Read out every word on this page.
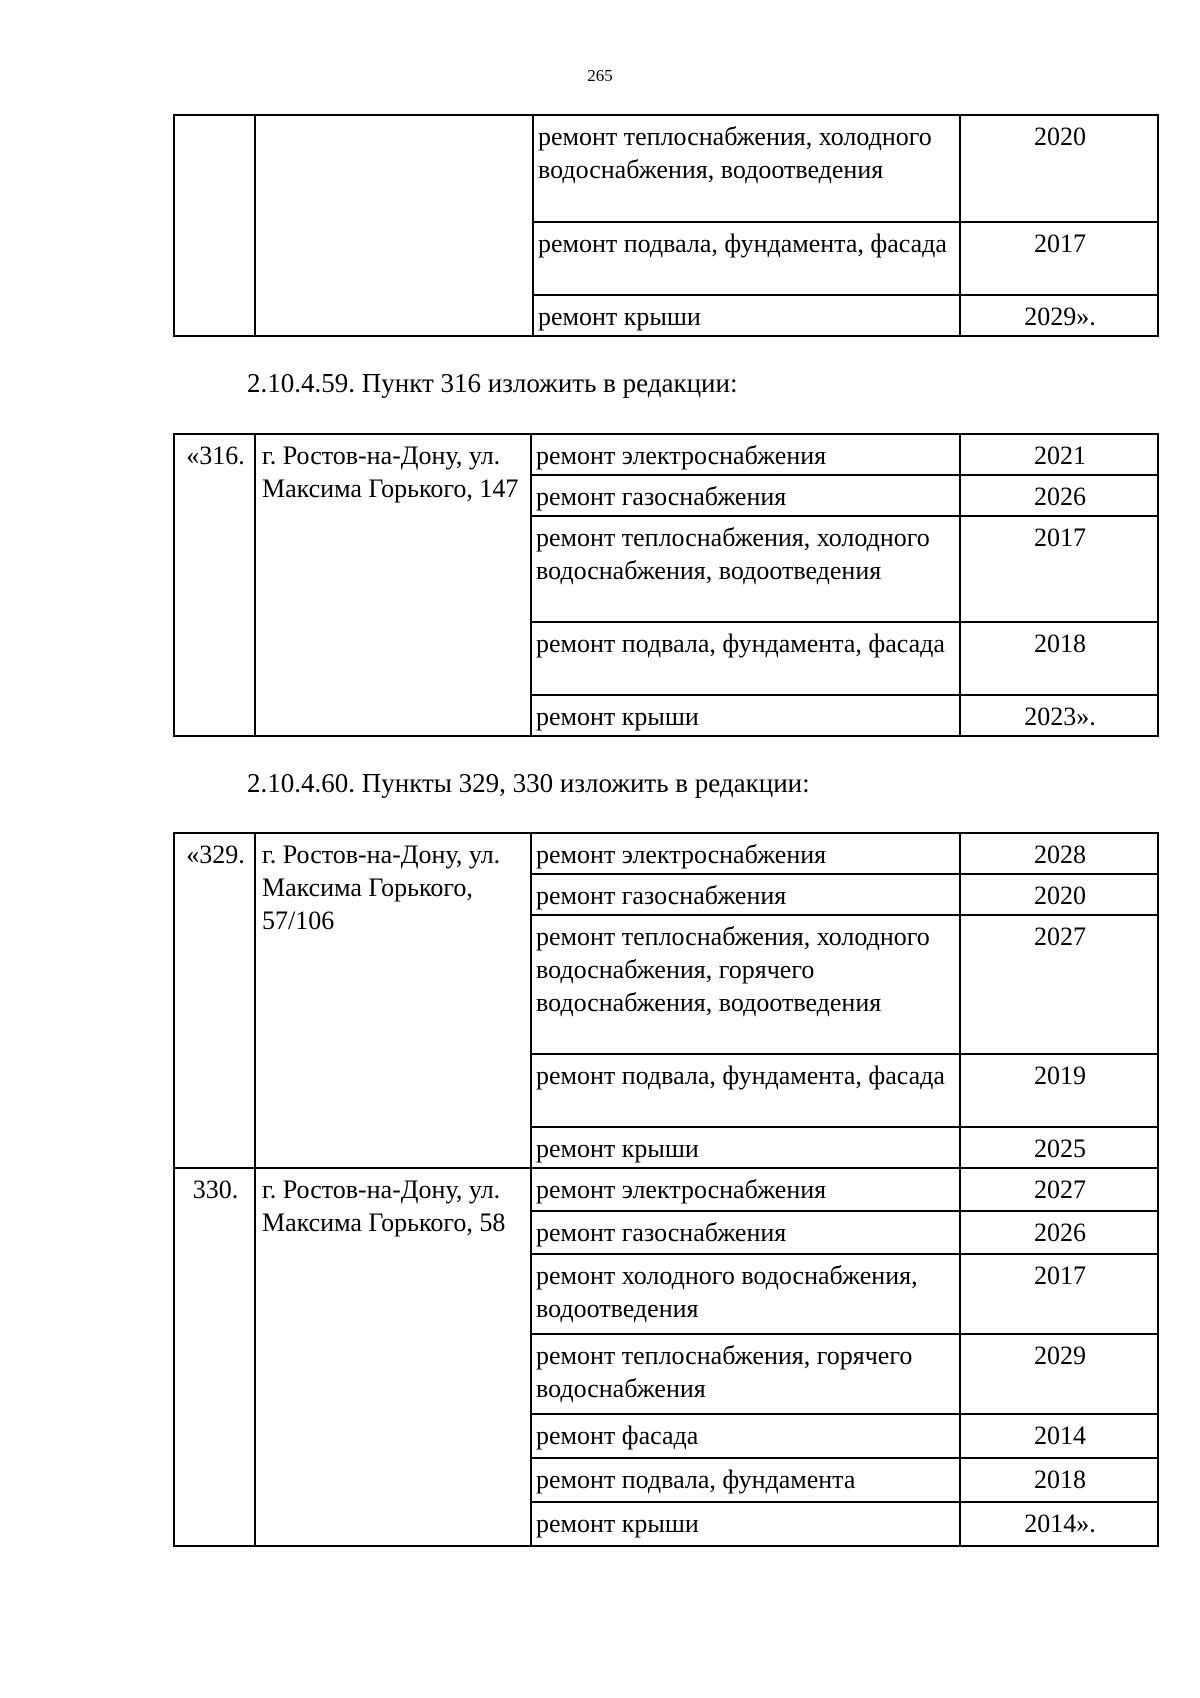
265
		ремонт теплоснабжения, холодного водоснабжения, водоотведения	2020
		ремонт подвала, фундамента, фасада	2017
		ремонт крыши	2029».
2.10.4.59. Пункт 316 изложить в редакции:
«316.	г. Ростов-на-Дону, ул. Максима Горького, 147	ремонт электроснабжения	2021
		ремонт газоснабжения	2026
		ремонт теплоснабжения, холодного водоснабжения, водоотведения	2017
		ремонт подвала, фундамента, фасада	2018
		ремонт крыши	2023».
2.10.4.60. Пункты 329, 330 изложить в редакции:
«329.	г. Ростов-на-Дону, ул. Максима Горького, 57/106	ремонт электроснабжения	2028
		ремонт газоснабжения	2020
		ремонт теплоснабжения, холодного водоснабжения, горячего водоснабжения, водоотведения	2027
		ремонт подвала, фундамента, фасада	2019
		ремонт крыши	2025
330.	г. Ростов-на-Дону, ул. Максима Горького, 58	ремонт электроснабжения	2027
		ремонт газоснабжения	2026
		ремонт холодного водоснабжения, водоотведения	2017
		ремонт теплоснабжения, горячего водоснабжения	2029
		ремонт фасада	2014
		ремонт подвала, фундамента	2018
		ремонт крыши	2014».
